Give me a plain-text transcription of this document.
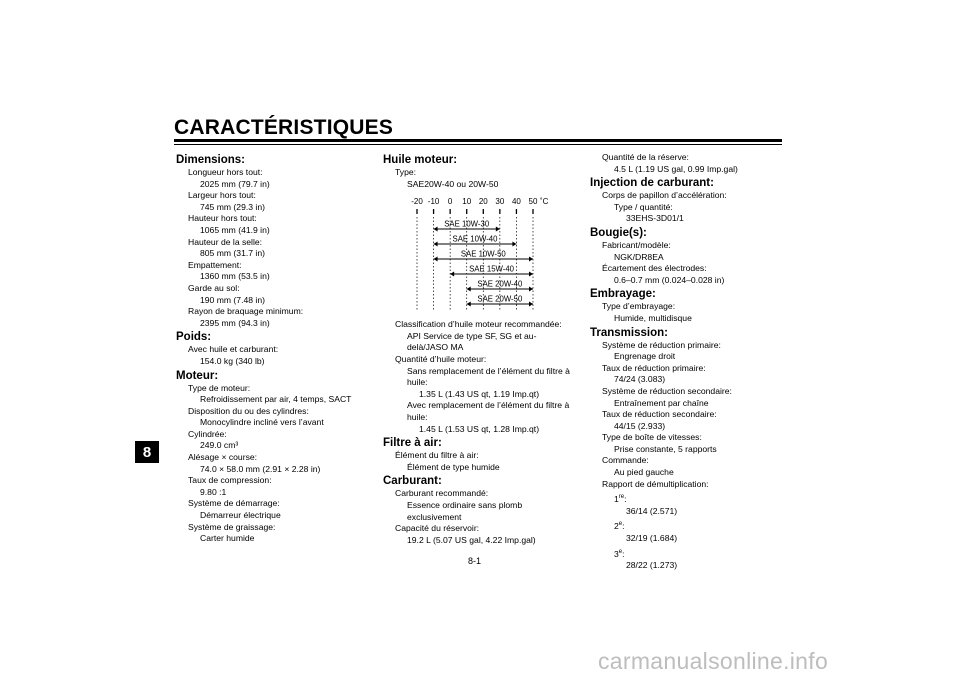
CARACTÉRISTIQUES
8
Dimensions:
Longueur hors tout:
2025 mm (79.7 in)
Largeur hors tout:
745 mm (29.3 in)
Hauteur hors tout:
1065 mm (41.9 in)
Hauteur de la selle:
805 mm (31.7 in)
Empattement:
1360 mm (53.5 in)
Garde au sol:
190 mm (7.48 in)
Rayon de braquage minimum:
2395 mm (94.3 in)
Poids:
Avec huile et carburant:
154.0 kg (340 lb)
Moteur:
Type de moteur:
Refroidissement par air, 4 temps, SACT
Disposition du ou des cylindres:
Monocylindre incliné vers l’avant
Cylindrée:
249.0 cm³
Alésage × course:
74.0 × 58.0 mm (2.91 × 2.28 in)
Taux de compression:
9.80 :1
Système de démarrage:
Démarreur électrique
Système de graissage:
Carter humide
Huile moteur:
Type:
SAE20W-40 ou 20W-50
-20 -10 0 10 20 30 40 50 ˚C
SAE 10W-30
SAE 10W-40
SAE 10W-50
SAE 15W-40
SAE 20W-40
SAE 20W-50
Classification d’huile moteur recommandée:
API Service de type SF, SG et au-
delà/JASO MA
Quantité d’huile moteur:
Sans remplacement de l’élément du filtre à
huile:
1.35 L (1.43 US qt, 1.19 Imp.qt)
Avec remplacement de l’élément du filtre à
huile:
1.45 L (1.53 US qt, 1.28 Imp.qt)
Filtre à air:
Élément du filtre à air:
Élément de type humide
Carburant:
Carburant recommandé:
Essence ordinaire sans plomb
exclusivement
Capacité du réservoir:
19.2 L (5.07 US gal, 4.22 Imp.gal)
Quantité de la réserve:
4.5 L (1.19 US gal, 0.99 Imp.gal)
Injection de carburant:
Corps de papillon d’accélération:
Type / quantité:
33EHS-3D01/1
Bougie(s):
Fabricant/modèle:
NGK/DR8EA
Écartement des électrodes:
0.6–0.7 mm (0.024–0.028 in)
Embrayage:
Type d’embrayage:
Humide, multidisque
Transmission:
Système de réduction primaire:
Engrenage droit
Taux de réduction primaire:
74/24 (3.083)
Système de réduction secondaire:
Entraînement par chaîne
Taux de réduction secondaire:
44/15 (2.933)
Type de boîte de vitesses:
Prise constante, 5 rapports
Commande:
Au pied gauche
Rapport de démultiplication:
1re:
36/14 (2.571)
2e:
32/19 (1.684)
3e:
28/22 (1.273)
8-1
carmanualsonline.info
